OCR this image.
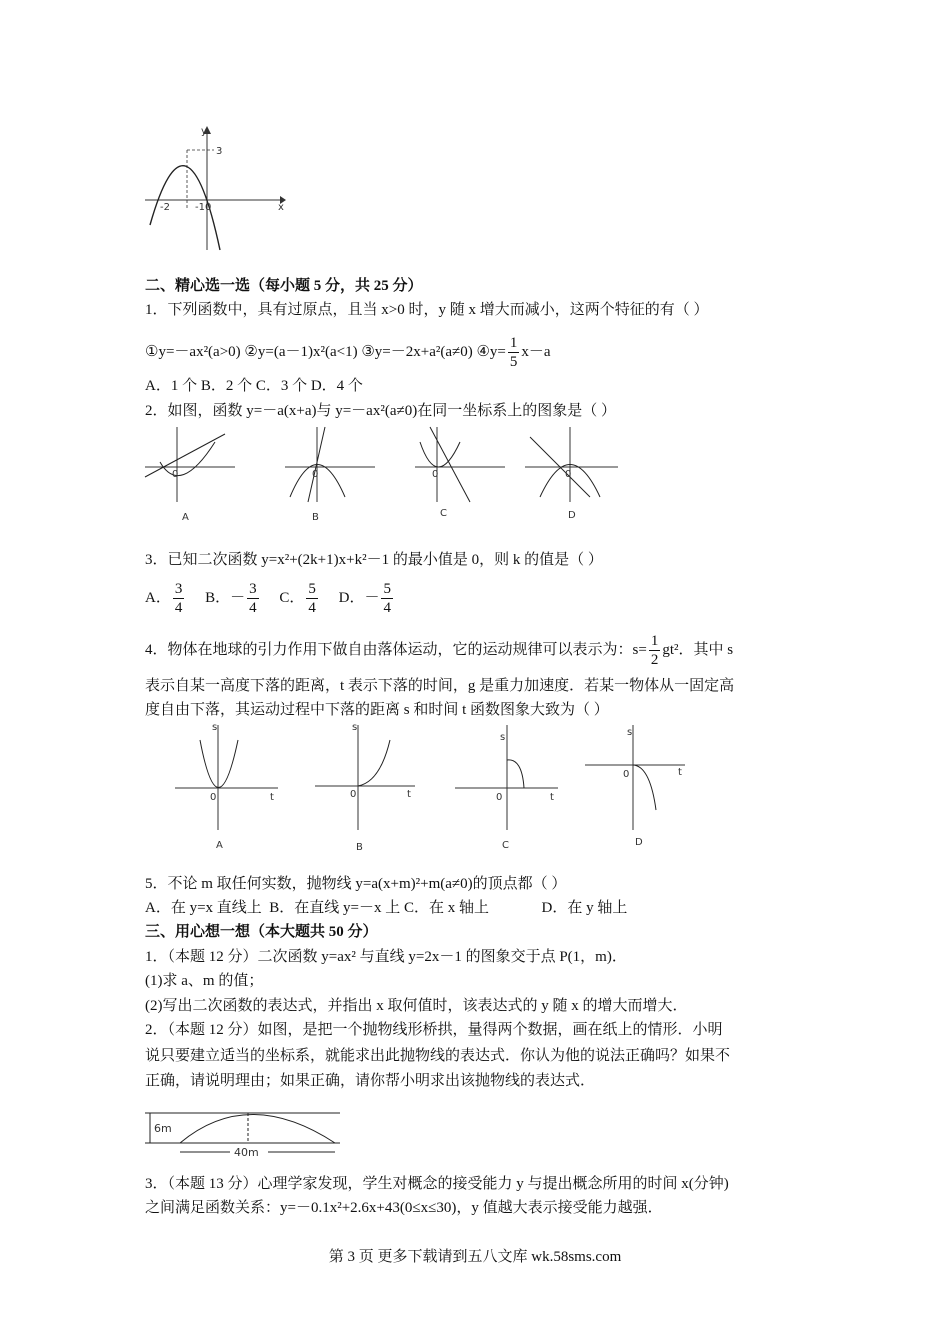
y
x
3
-2	-10
二、精心选一选（每小题 5 分，共 25 分）
1．下列函数中，具有过原点，且当 x>0 时，y 随 x 增大而减小，这两个特征的有（ ）
①y=－ax²(a>0) ②y=(a－1)x²(a<1) ③y=－2x+a²(a≠0) ④y= $\frac{1}{5} x-a$
A．1 个 B．2 个 C．3 个 D．4 个
2．如图，函数 y=－a(x+a)与 y=－ax²(a≠0)在同一坐标系上的图象是（ ）
0
A
0
B
0
C
0
D
3．已知二次函数 y=x²+(2k+1)x+k²－1 的最小值是 0，则 k 的值是（ ）
A． $\frac{3}{4}$ B．－ $\frac{3}{4}$ C． $\frac{5}{4}$ D．－ $\frac{5}{4}$
4．物体在地球的引力作用下做自由落体运动，它的运动规律可以表示为：$s= \frac{1}{2} gt^2$．其中 s
表示自某一高度下落的距离，t 表示下落的时间，g 是重力加速度．若某一物体从一固定高
度自由下落，其运动过程中下落的距离 s 和时间 t 函数图象大致为（ ）
s
t
0
A
s
t
0
B
s
t
0
C
s
t
0
D
5．不论 m 取任何实数，抛物线 y=a(x+m)²+m(a≠0)的顶点都（ ）
A．在 y=x 直线上  B．在直线 y=－x 上 C．在 x 轴上              D．在 y 轴上
三、用心想一想（本大题共 50 分）
1．（本题 12 分）二次函数 y=ax² 与直线 y=2x－1 的图象交于点 P(1，m)．
(1)求 a、m 的值；
(2)写出二次函数的表达式，并指出 x 取何值时，该表达式的 y 随 x 的增大而增大．
2．（本题 12 分）如图，是把一个抛物线形桥拱，量得两个数据，画在纸上的情形．小明
说只要建立适当的坐标系，就能求出此抛物线的表达式．你认为他的说法正确吗？如果不
正确，请说明理由；如果正确，请你帮小明求出该抛物线的表达式．
6m
40m
3．（本题 13 分）心理学家发现，学生对概念的接受能力 y 与提出概念所用的时间 x(分钟)
之间满足函数关系：y=－0.1x²+2.6x+43(0≤x≤30)，y 值越大表示接受能力越强．
第 3 页 更多下载请到五八文库 wk.58sms.com
